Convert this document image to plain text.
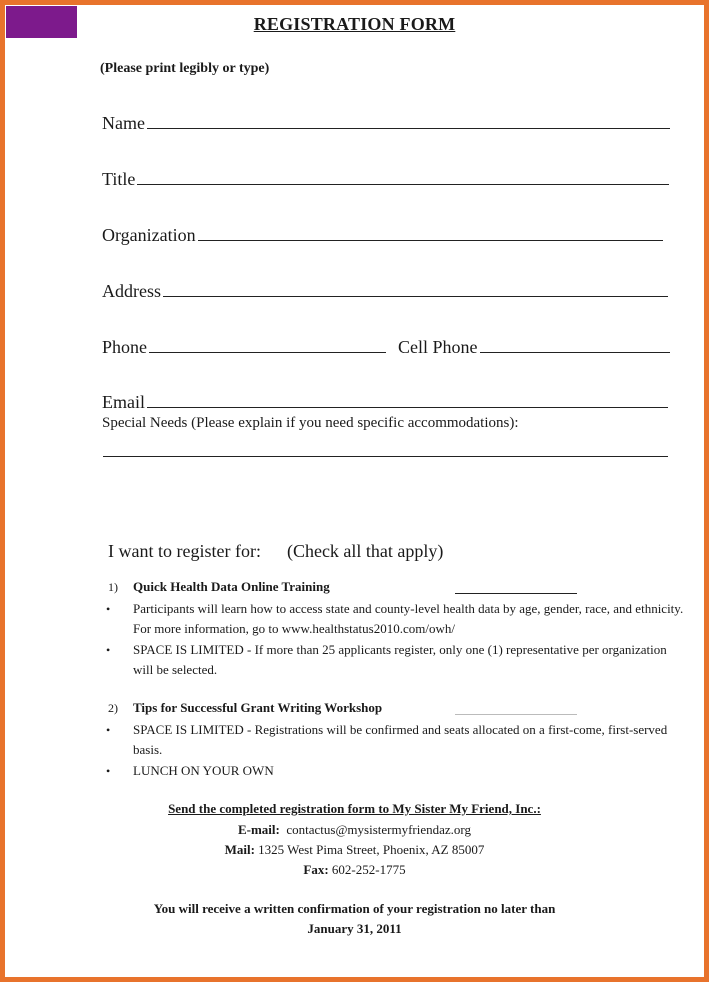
REGISTRATION FORM
(Please print legibly or type)
Name
Title
Organization
Address
Phone	Cell Phone
Email
Special Needs (Please explain if you need specific accommodations):
I want to register for: (Check all that apply)
1) Quick Health Data Online Training
• Participants will learn how to access state and county-level health data by age, gender, race, and ethnicity. For more information, go to www.healthstatus2010.com/owh/
• SPACE IS LIMITED - If more than 25 applicants register, only one (1) representative per organization will be selected.
2) Tips for Successful Grant Writing Workshop
• SPACE IS LIMITED - Registrations will be confirmed and seats allocated on a first-come, first-served basis.
• LUNCH ON YOUR OWN
Send the completed registration form to My Sister My Friend, Inc.:
E-mail: contactus@mysistermyfriendaz.org
Mail: 1325 West Pima Street, Phoenix, AZ 85007
Fax: 602-252-1775
You will receive a written confirmation of your registration no later than
January 31, 2011
